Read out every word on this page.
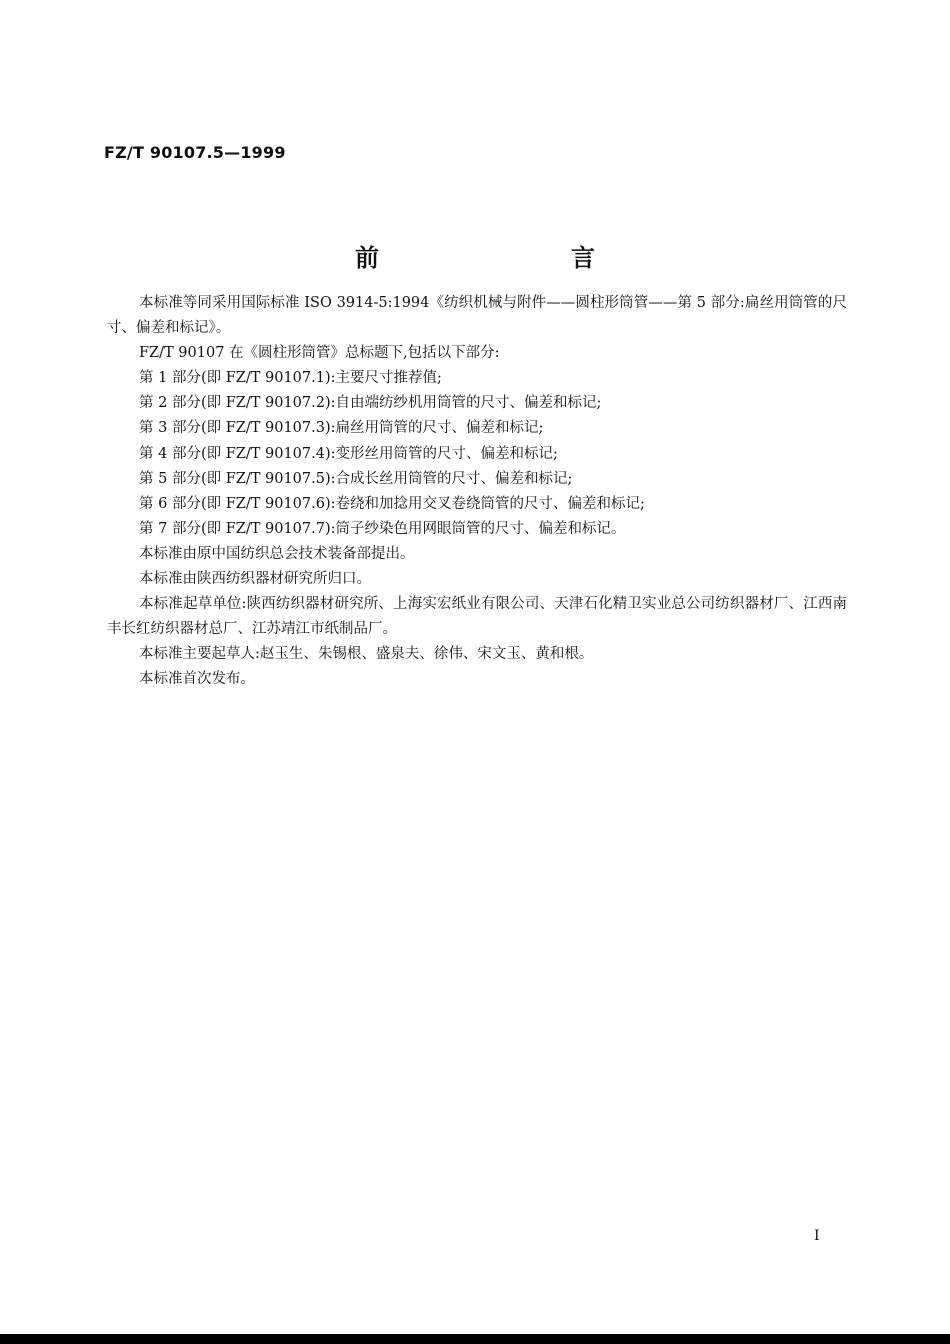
FZ/T 90107.5—1999
前　言

本标准等同采用国际标准 ISO 3914-5:1994《纺织机械与附件——圆柱形筒管——第 5 部分:扁丝用筒管的尺寸、偏差和标记》。

FZ/T 90107 在《圆柱形筒管》总标题下,包括以下部分:

第 1 部分(即 FZ/T 90107.1):主要尺寸推荐值;

第 2 部分(即 FZ/T 90107.2):自由端纺纱机用筒管的尺寸、偏差和标记;

第 3 部分(即 FZ/T 90107.3):扁丝用筒管的尺寸、偏差和标记;

第 4 部分(即 FZ/T 90107.4):变形丝用筒管的尺寸、偏差和标记;

第 5 部分(即 FZ/T 90107.5):合成长丝用筒管的尺寸、偏差和标记;

第 6 部分(即 FZ/T 90107.6):卷绕和加捻用交叉卷绕筒管的尺寸、偏差和标记;

第 7 部分(即 FZ/T 90107.7):筒子纱染色用网眼筒管的尺寸、偏差和标记。

本标准由原中国纺织总会技术装备部提出。

本标准由陕西纺织器材研究所归口。

本标准起草单位:陕西纺织器材研究所、上海实宏纸业有限公司、天津石化精卫实业总公司纺织器材厂、江西南丰长红纺织器材总厂、江苏靖江市纸制品厂。

本标准主要起草人:赵玉生、朱锡根、盛泉夫、徐伟、宋文玉、黄和根。

本标准首次发布。

I
